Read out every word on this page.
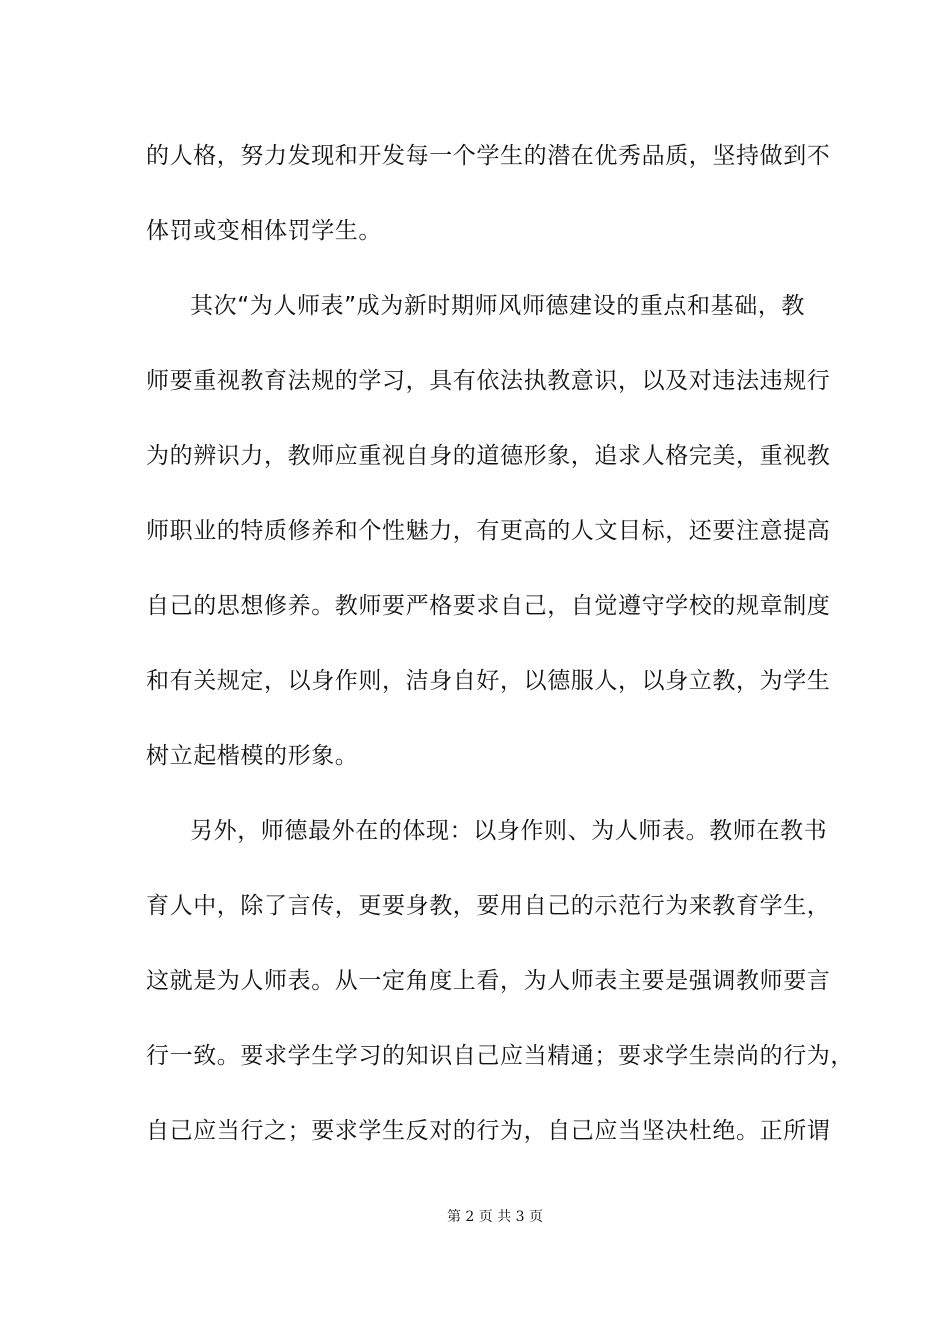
的人格，努力发现和开发每一个学生的潜在优秀品质，坚持做到不
体罚或变相体罚学生。
其次“为人师表”成为新时期师风师德建设的重点和基础，教
师要重视教育法规的学习，具有依法执教意识，以及对违法违规行
为的辨识力，教师应重视自身的道德形象，追求人格完美，重视教
师职业的特质修养和个性魅力，有更高的人文目标，还要注意提高
自己的思想修养。教师要严格要求自己，自觉遵守学校的规章制度
和有关规定，以身作则，洁身自好，以德服人，以身立教，为学生
树立起楷模的形象。
另外，师德最外在的体现：以身作则、为人师表。教师在教书
育人中，除了言传，更要身教，要用自己的示范行为来教育学生，
这就是为人师表。从一定角度上看，为人师表主要是强调教师要言
行一致。要求学生学习的知识自己应当精通；要求学生崇尚的行为，
自己应当行之；要求学生反对的行为，自己应当坚决杜绝。正所谓
第 2 页 共 3 页
